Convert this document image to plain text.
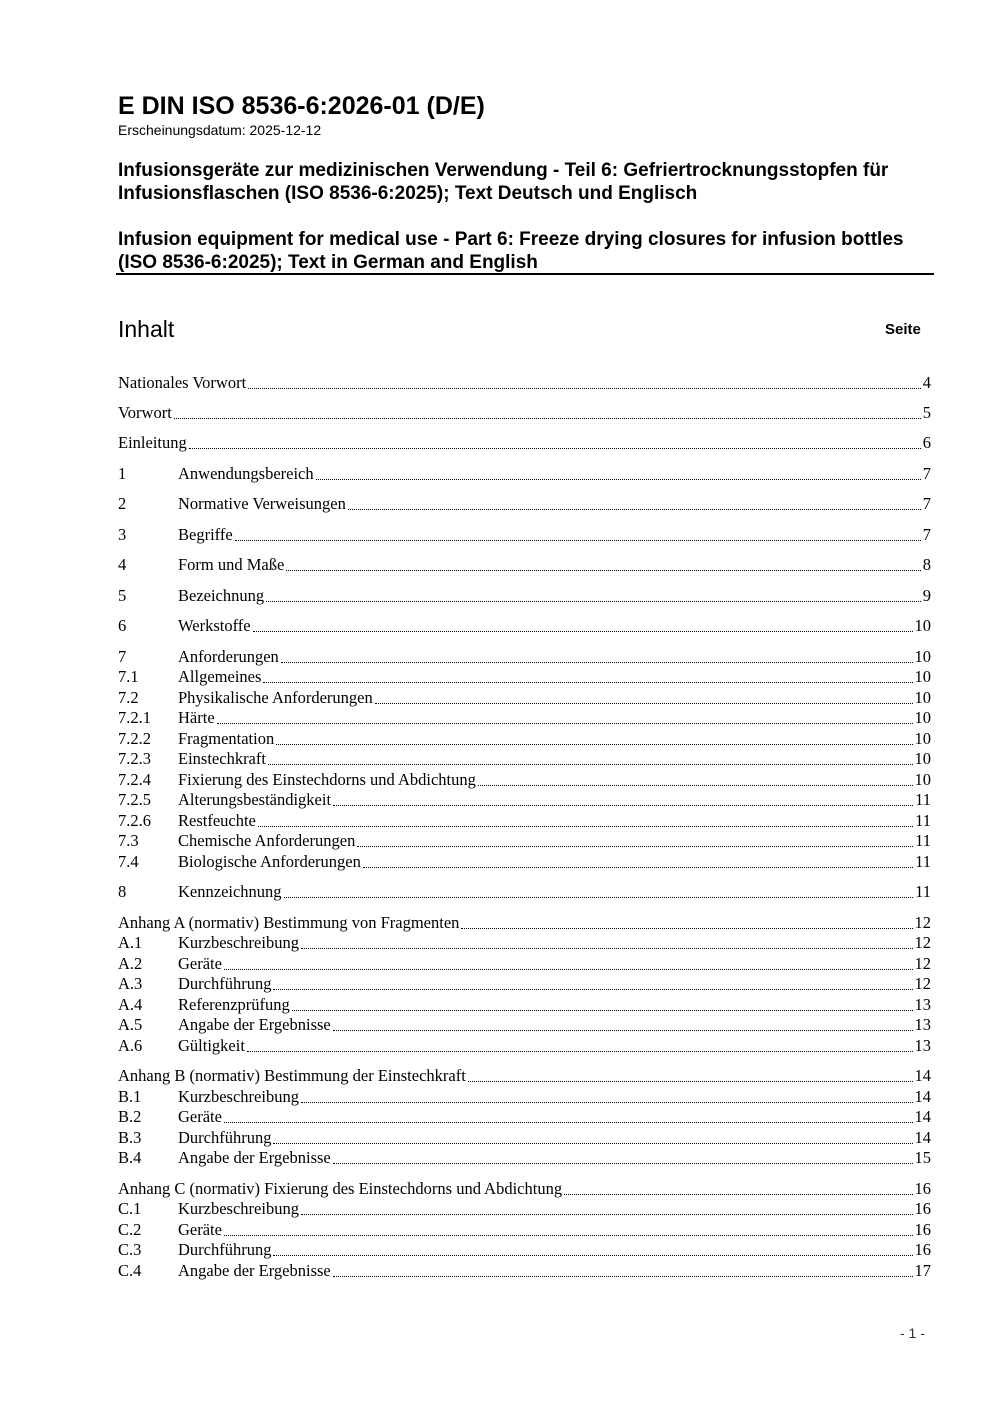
E DIN ISO 8536-6:2026-01 (D/E)
Erscheinungsdatum: 2025-12-12
Infusionsgeräte zur medizinischen Verwendung - Teil 6: Gefriertrocknungsstopfen für Infusionsflaschen (ISO 8536-6:2025); Text Deutsch und Englisch
Infusion equipment for medical use - Part 6: Freeze drying closures for infusion bottles (ISO 8536-6:2025); Text in German and English
Inhalt	Seite
Nationales Vorwort	4
Vorwort	5
Einleitung	6
1	Anwendungsbereich	7
2	Normative Verweisungen	7
3	Begriffe	7
4	Form und Maße	8
5	Bezeichnung	9
6	Werkstoffe	10
7	Anforderungen	10
7.1	Allgemeines	10
7.2	Physikalische Anforderungen	10
7.2.1	Härte	10
7.2.2	Fragmentation	10
7.2.3	Einstechkraft	10
7.2.4	Fixierung des Einstechdorns und Abdichtung	10
7.2.5	Alterungsbeständigkeit	11
7.2.6	Restfeuchte	11
7.3	Chemische Anforderungen	11
7.4	Biologische Anforderungen	11
8	Kennzeichnung	11
Anhang A (normativ) Bestimmung von Fragmenten	12
A.1	Kurzbeschreibung	12
A.2	Geräte	12
A.3	Durchführung	12
A.4	Referenzprüfung	13
A.5	Angabe der Ergebnisse	13
A.6	Gültigkeit	13
Anhang B (normativ) Bestimmung der Einstechkraft	14
B.1	Kurzbeschreibung	14
B.2	Geräte	14
B.3	Durchführung	14
B.4	Angabe der Ergebnisse	15
Anhang C (normativ) Fixierung des Einstechdorns und Abdichtung	16
C.1	Kurzbeschreibung	16
C.2	Geräte	16
C.3	Durchführung	16
C.4	Angabe der Ergebnisse	17
- 1 -
